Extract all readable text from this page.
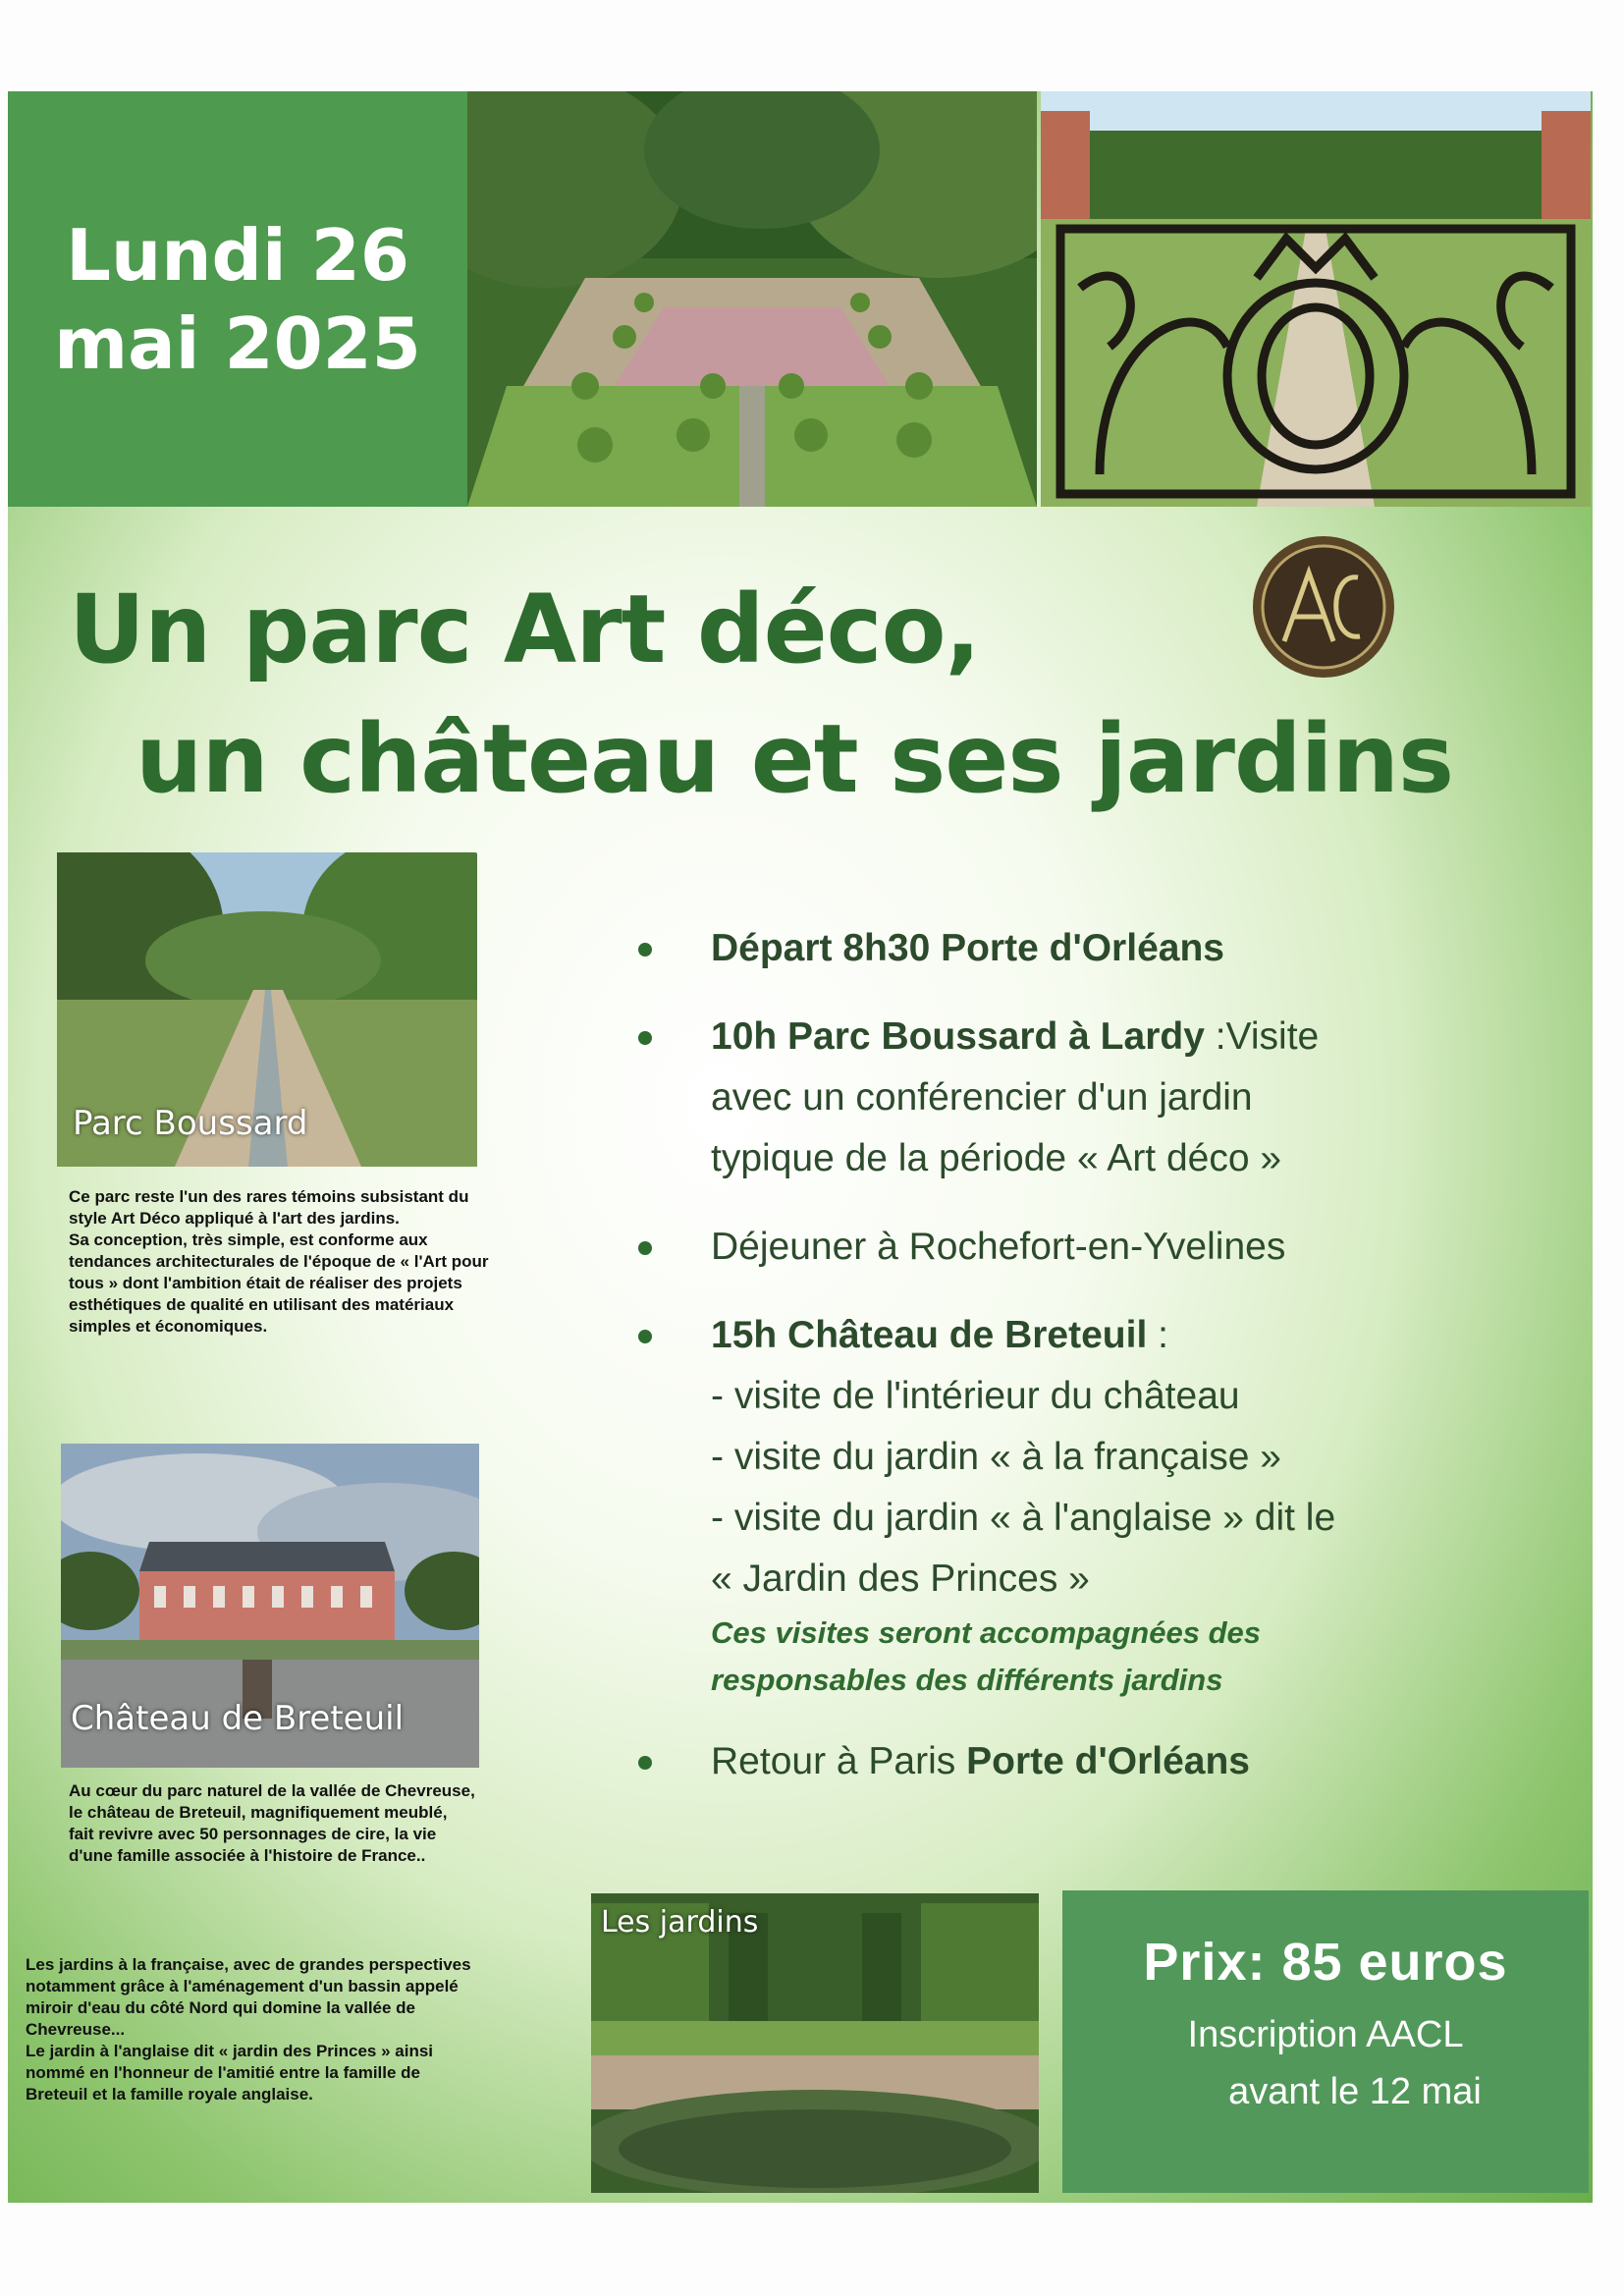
Lundi 26
mai 2025
Un parc Art déco,
un château et ses jardins
Parc Boussard
Ce parc reste l'un des rares témoins subsistant du
style Art Déco appliqué à l'art des jardins.
Sa conception, très simple, est conforme aux
tendances architecturales de l'époque de « l'Art pour
tous » dont l'ambition était de réaliser des projets
esthétiques de qualité en utilisant des matériaux
simples et économiques.
Château de Breteuil
Au cœur du parc naturel de la vallée de Chevreuse,
le château de Breteuil, magnifiquement meublé,
fait revivre avec 50 personnages de cire, la vie
d'une famille associée à l'histoire de France..
Les jardins à la française, avec de grandes perspectives
notamment grâce à l'aménagement d'un bassin appelé
miroir d'eau du côté Nord qui domine la vallée de
Chevreuse...
Le jardin à l'anglaise dit « jardin des Princes » ainsi
nommé en l'honneur de l'amitié entre la famille de
Breteuil et la famille royale anglaise.
Les jardins
Départ 8h30 Porte d'Orléans
10h Parc Boussard à Lardy :Visite
avec un conférencier d'un jardin
typique de la période « Art déco »
Déjeuner à Rochefort-en-Yvelines
15h Château de Breteuil :
- visite de l'intérieur du château
- visite du jardin « à la française »
- visite du jardin « à l'anglaise » dit le
« Jardin des Princes »
Ces visites seront accompagnées des
responsables des différents jardins
Retour à Paris Porte d'Orléans
Prix: 85 euros
Inscription AACL
avant le 12 mai
